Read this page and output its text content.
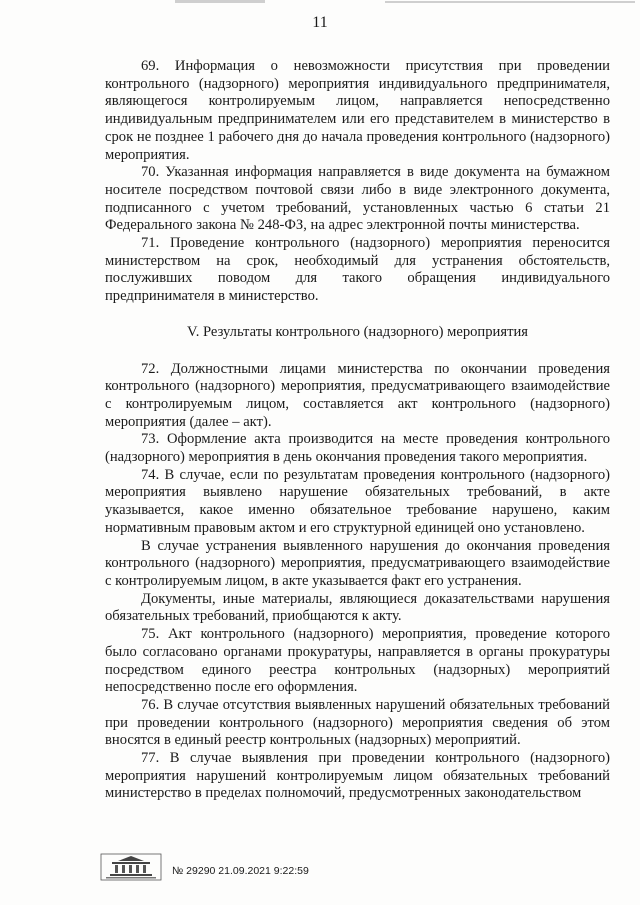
11

69. Информация о невозможности присутствия при проведении контрольного (надзорного) мероприятия индивидуального предпринимателя, являющегося контролируемым лицом, направляется непосредственно индивидуальным предпринимателем или его представителем в министерство в срок не позднее 1 рабочего дня до начала проведения контрольного (надзорного) мероприятия.

70. Указанная информация направляется в виде документа на бумажном носителе посредством почтовой связи либо в виде электронного документа, подписанного с учетом требований, установленных частью 6 статьи 21 Федерального закона № 248-ФЗ, на адрес электронной почты министерства.

71. Проведение контрольного (надзорного) мероприятия переносится министерством на срок, необходимый для устранения обстоятельств, послуживших поводом для такого обращения индивидуального предпринимателя в министерство.

V. Результаты контрольного (надзорного) мероприятия

72. Должностными лицами министерства по окончании проведения контрольного (надзорного) мероприятия, предусматривающего взаимодействие с контролируемым лицом, составляется акт контрольного (надзорного) мероприятия (далее – акт).

73. Оформление акта производится на месте проведения контрольного (надзорного) мероприятия в день окончания проведения такого мероприятия.

74. В случае, если по результатам проведения контрольного (надзорного) мероприятия выявлено нарушение обязательных требований, в акте указывается, какое именно обязательное требование нарушено, каким нормативным правовым актом и его структурной единицей оно установлено.

В случае устранения выявленного нарушения до окончания проведения контрольного (надзорного) мероприятия, предусматривающего взаимодействие с контролируемым лицом, в акте указывается факт его устранения.

Документы, иные материалы, являющиеся доказательствами нарушения обязательных требований, приобщаются к акту.

75. Акт контрольного (надзорного) мероприятия, проведение которого было согласовано органами прокуратуры, направляется в органы прокуратуры посредством единого реестра контрольных (надзорных) мероприятий непосредственно после его оформления.

76. В случае отсутствия выявленных нарушений обязательных требований при проведении контрольного (надзорного) мероприятия сведения об этом вносятся в единый реестр контрольных (надзорных) мероприятий.

77. В случае выявления при проведении контрольного (надзорного) мероприятия нарушений контролируемым лицом обязательных требований министерство в пределах полномочий, предусмотренных законодательством

№ 29290 21.09.2021 9:22:59
